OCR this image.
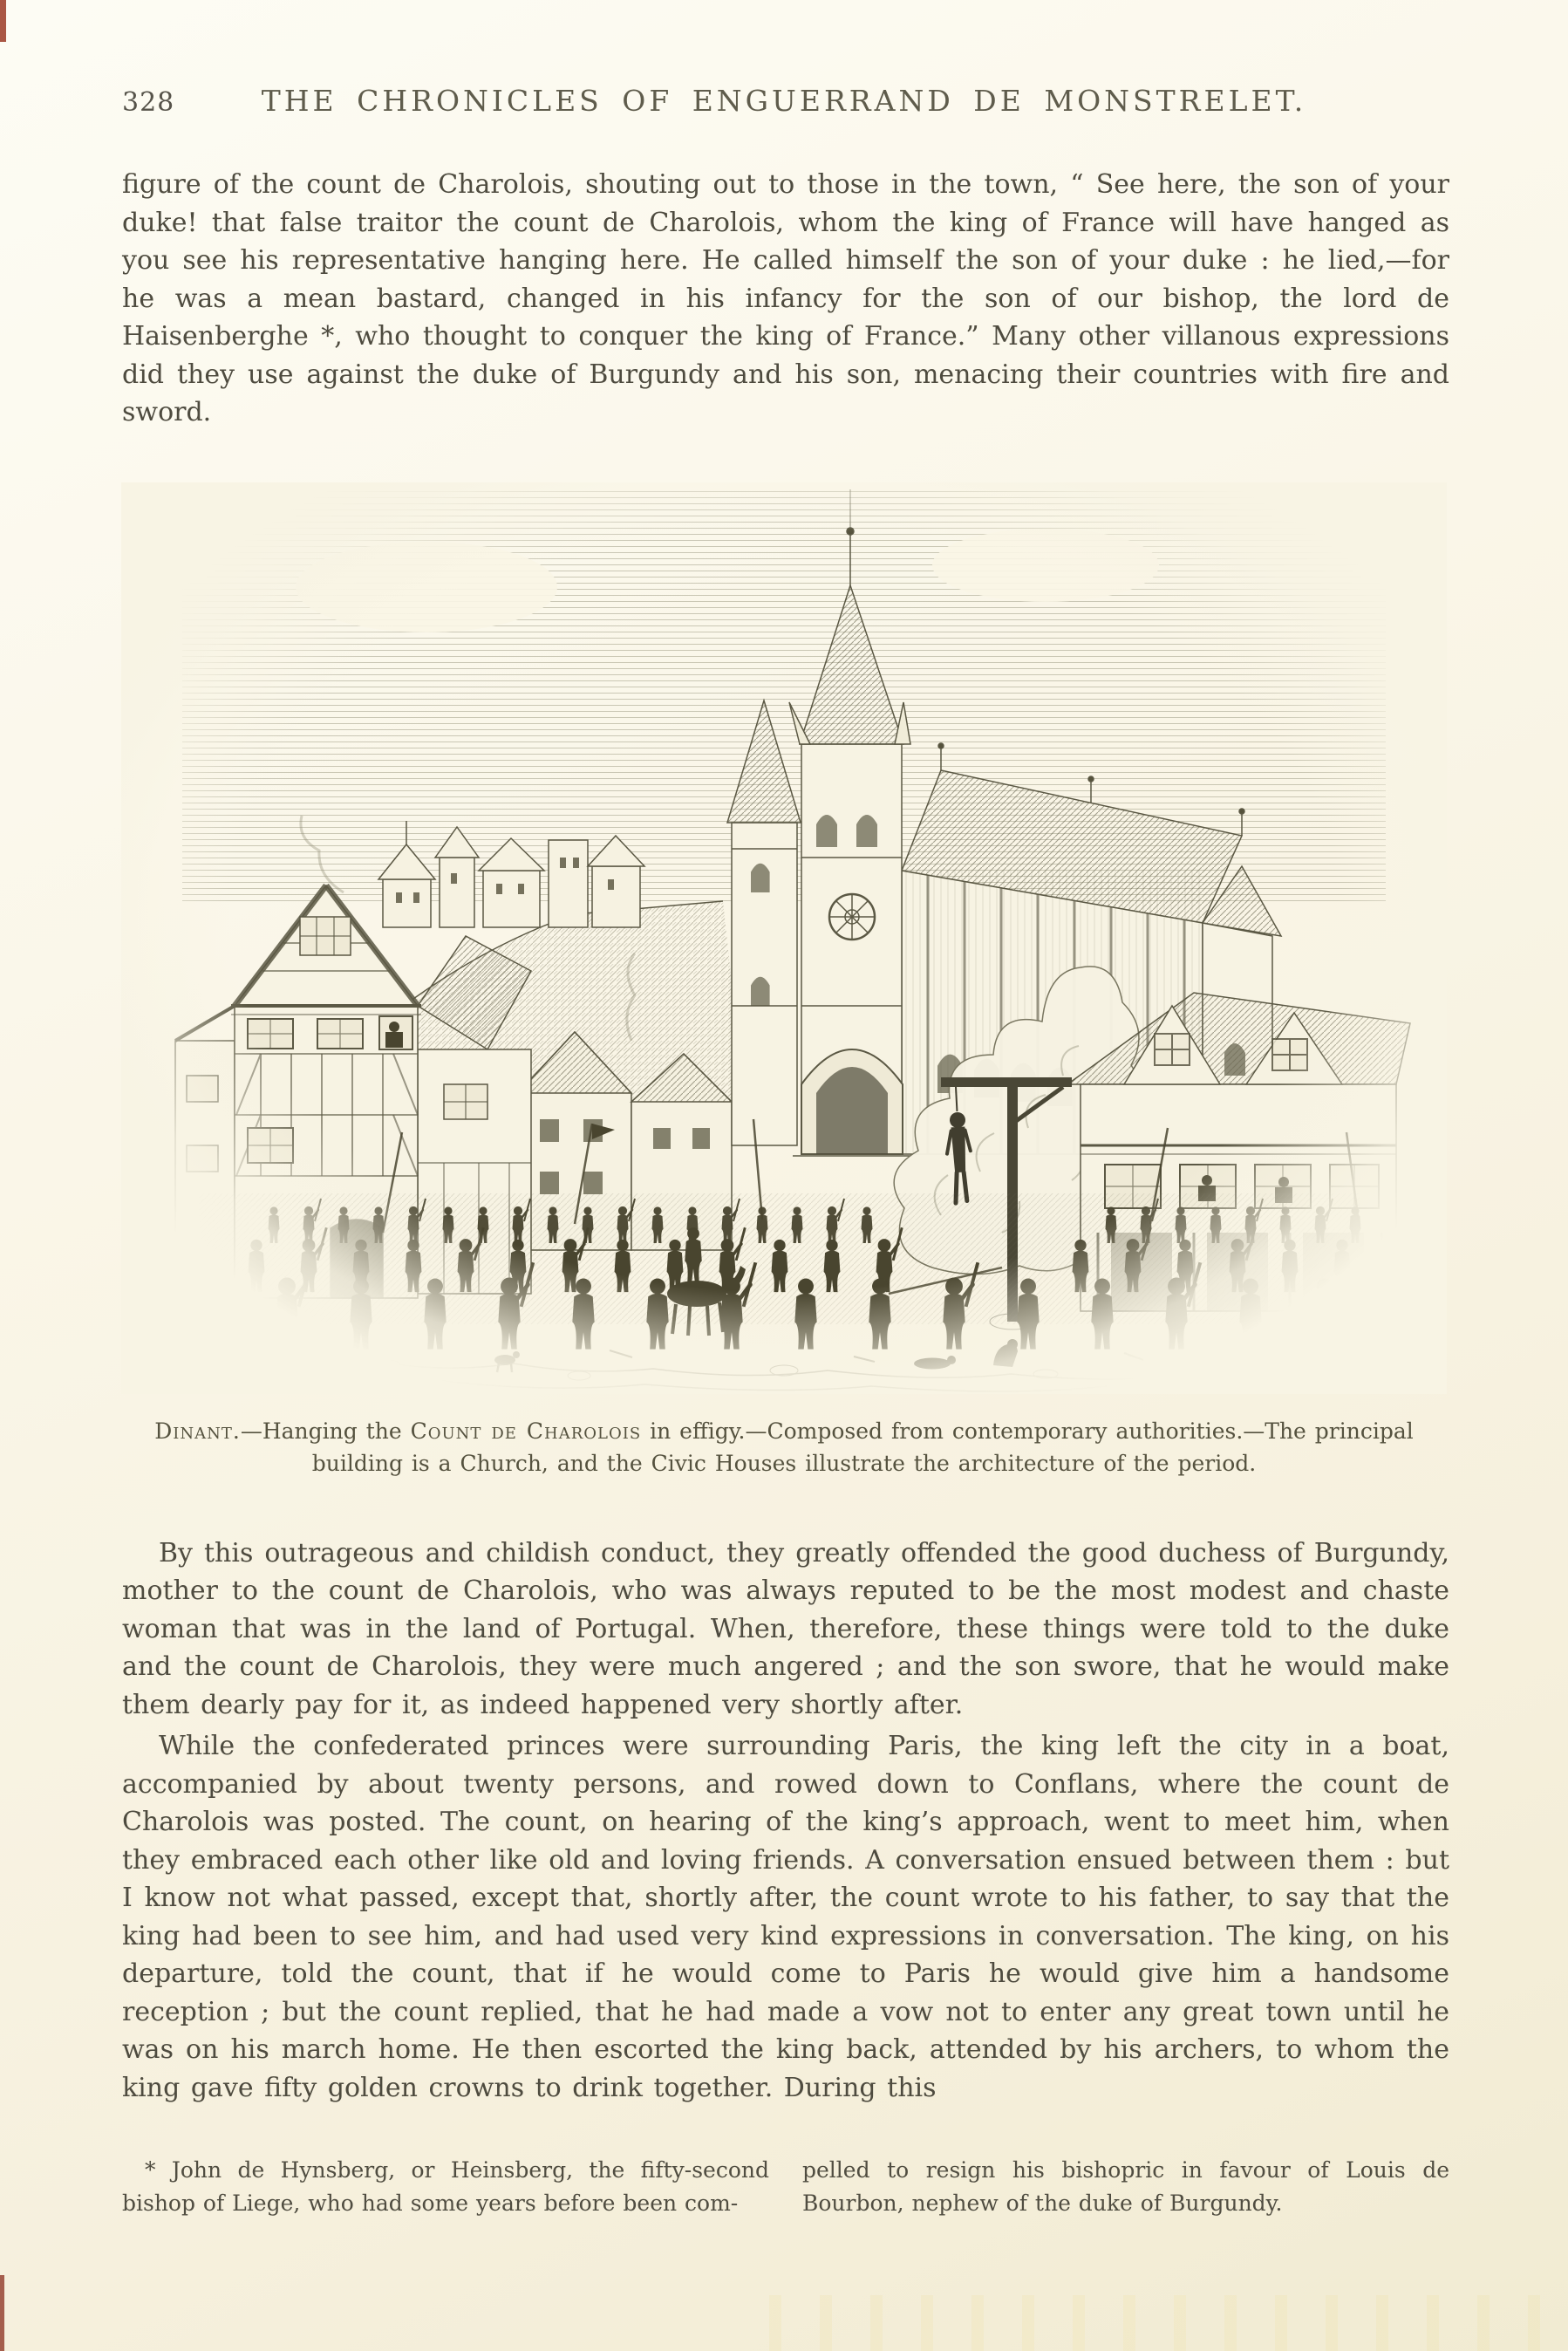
328	THE CHRONICLES OF ENGUERRAND DE MONSTRELET.

figure of the count de Charolois, shouting out to those in the town, “ See here, the son of your duke! that false traitor the count de Charolois, whom the king of France will have hanged as you see his representative hanging here. He called himself the son of your duke : he lied,—for he was a mean bastard, changed in his infancy for the son of our bishop, the lord de Haisenberghe *, who thought to conquer the king of France.” Many other villanous expressions did they use against the duke of Burgundy and his son, menacing their countries with fire and sword.

Dinant.—Hanging the Count de Charolois in effigy.—Composed from contemporary authorities.—The principal building is a Church, and the Civic Houses illustrate the architecture of the period.

By this outrageous and childish conduct, they greatly offended the good duchess of Burgundy, mother to the count de Charolois, who was always reputed to be the most modest and chaste woman that was in the land of Portugal. When, therefore, these things were told to the duke and the count de Charolois, they were much angered ; and the son swore, that he would make them dearly pay for it, as indeed happened very shortly after.

While the confederated princes were surrounding Paris, the king left the city in a boat, accompanied by about twenty persons, and rowed down to Conflans, where the count de Charolois was posted. The count, on hearing of the king’s approach, went to meet him, when they embraced each other like old and loving friends. A conversation ensued between them : but I know not what passed, except that, shortly after, the count wrote to his father, to say that the king had been to see him, and had used very kind expressions in conversation. The king, on his departure, told the count, that if he would come to Paris he would give him a handsome reception ; but the count replied, that he had made a vow not to enter any great town until he was on his march home. He then escorted the king back, attended by his archers, to whom the king gave fifty golden crowns to drink together. During this

* John de Hynsberg, or Heinsberg, the fifty-second bishop of Liege, who had some years before been com-

pelled to resign his bishopric in favour of Louis de Bourbon, nephew of the duke of Burgundy.
